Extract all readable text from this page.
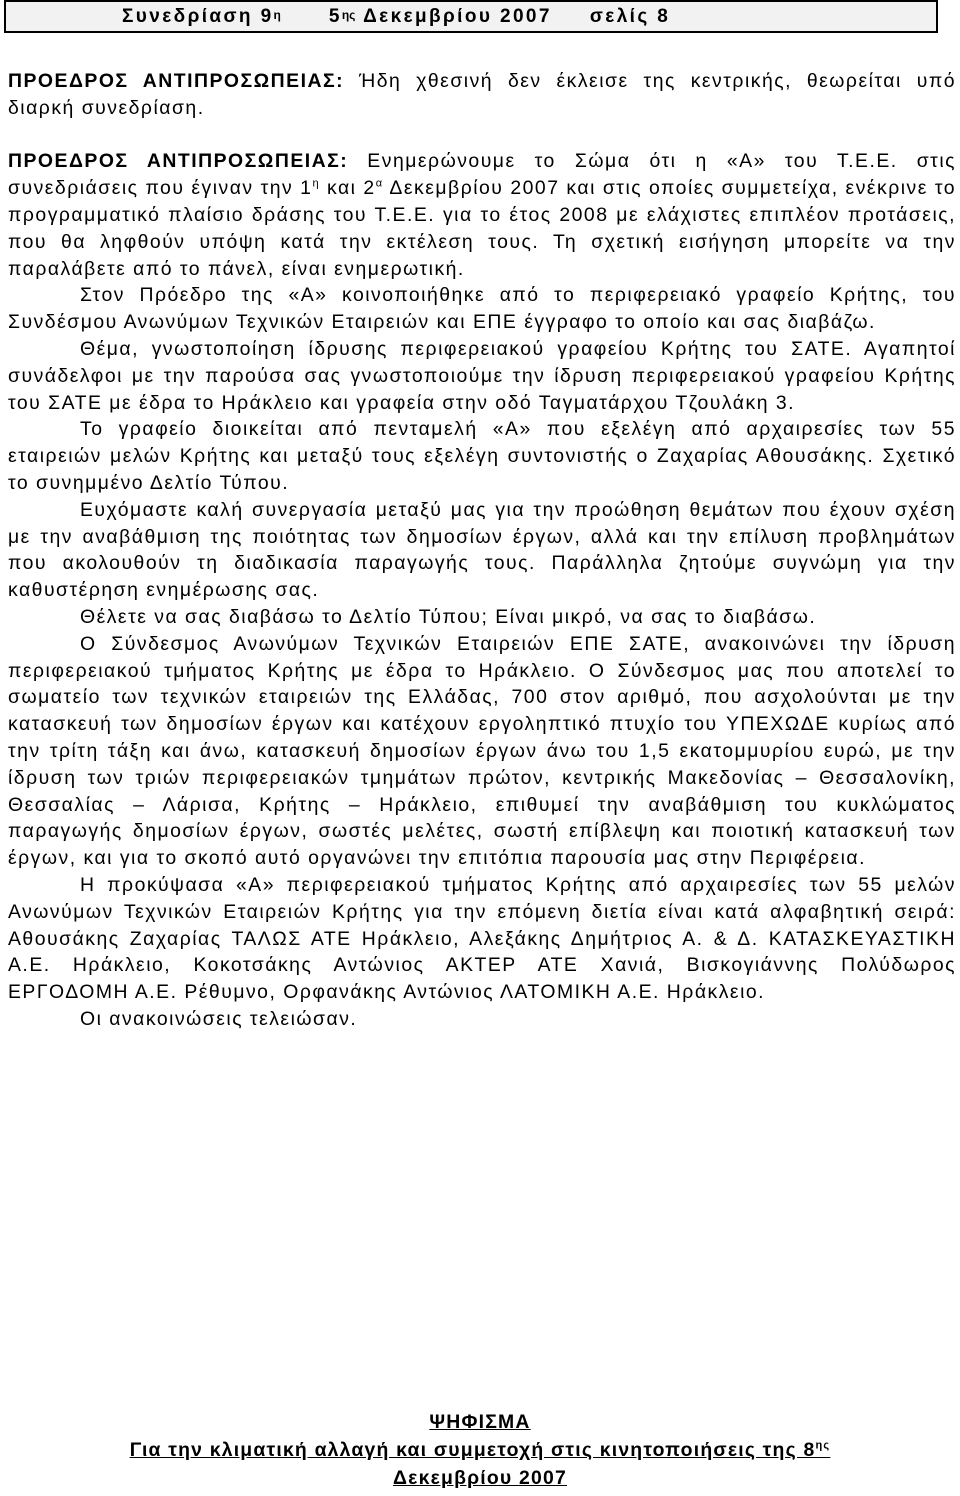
Συνεδρίαση $9^\eta$	$5^{\eta\varsigma}$
Δεκεμβρίου 2007 σελίς 8

ΠΡΟΕΔΡΟΣ ΑΝΤΙΠΡΟΣΩΠΕΙΑΣ: Ήδη χθεσινή δεν έκλεισε της κεντρικής, θεωρείται υπό διαρκή συνεδρίαση.

ΠΡΟΕΔΡΟΣ ΑΝΤΙΠΡΟΣΩΠΕΙΑΣ: Ενημερώνουμε το Σώμα ότι η «Α» του Τ.Ε.Ε. στις συνεδριάσεις που έγιναν την $1^\eta$ και $2^\alpha$ Δεκεμβρίου 2007 και στις οποίες συμμετείχα, ενέκρινε το προγραμματικό πλαίσιο δράσης του Τ.Ε.Ε. για το έτος 2008 με ελάχιστες επιπλέον προτάσεις, που θα ληφθούν υπόψη κατά την εκτέλεση τους. Τη σχετική εισήγηση μπορείτε να την παραλάβετε από το πάνελ, είναι ενημερωτική.

Στον Πρόεδρο της «Α» κοινοποιήθηκε από το περιφερειακό γραφείο Κρήτης, του Συνδέσμου Ανωνύμων Τεχνικών Εταιρειών και ΕΠΕ έγγραφο το οποίο και σας διαβάζω.

Θέμα, γνωστοποίηση ίδρυσης περιφερειακού γραφείου Κρήτης του ΣΑΤΕ. Αγαπητοί συνάδελφοι με την παρούσα σας γνωστοποιούμε την ίδρυση περιφερειακού γραφείου Κρήτης του ΣΑΤΕ με έδρα το Ηράκλειο και γραφεία στην οδό Ταγματάρχου Τζουλάκη 3.

Το γραφείο διοικείται από πενταμελή «Α» που εξελέγη από αρχαιρεσίες των 55 εταιρειών μελών Κρήτης και μεταξύ τους εξελέγη συντονιστής ο Ζαχαρίας Αθουσάκης. Σχετικό το συνημμένο Δελτίο Τύπου.

Ευχόμαστε καλή συνεργασία μεταξύ μας για την προώθηση θεμάτων που έχουν σχέση με την αναβάθμιση της ποιότητας των δημοσίων έργων, αλλά και την επίλυση προβλημάτων που ακολουθούν τη διαδικασία παραγωγής τους. Παράλληλα ζητούμε συγνώμη για την καθυστέρηση ενημέρωσης σας.

Θέλετε να σας διαβάσω το Δελτίο Τύπου; Είναι μικρό, να σας το διαβάσω.

Ο Σύνδεσμος Ανωνύμων Τεχνικών Εταιρειών ΕΠΕ ΣΑΤΕ, ανακοινώνει την ίδρυση περιφερειακού τμήματος Κρήτης με έδρα το Ηράκλειο. Ο Σύνδεσμος μας που αποτελεί το σωματείο των τεχνικών εταιρειών της Ελλάδας, 700 στον αριθμό, που ασχολούνται με την κατασκευή των δημοσίων έργων και κατέχουν εργοληπτικό πτυχίο του ΥΠΕΧΩΔΕ κυρίως από την τρίτη τάξη και άνω, κατασκευή δημοσίων έργων άνω του 1,5 εκατομμυρίου ευρώ, με την ίδρυση των τριών περιφερειακών τμημάτων πρώτον, κεντρικής Μακεδονίας – Θεσσαλονίκη, Θεσσαλίας – Λάρισα, Κρήτης – Ηράκλειο, επιθυμεί την αναβάθμιση του κυκλώματος παραγωγής δημοσίων έργων, σωστές μελέτες, σωστή επίβλεψη και ποιοτική κατασκευή των έργων, και για το σκοπό αυτό οργανώνει την επιτόπια παρουσία μας στην Περιφέρεια.

Η προκύψασα «Α» περιφερειακού τμήματος Κρήτης από αρχαιρεσίες των 55 μελών Ανωνύμων Τεχνικών Εταιρειών Κρήτης για την επόμενη διετία είναι κατά αλφαβητική σειρά: Αθουσάκης Ζαχαρίας ΤΑΛΩΣ ΑΤΕ Ηράκλειο, Αλεξάκης Δημήτριος Α. & Δ. ΚΑΤΑΣΚΕΥΑΣΤΙΚΗ Α.Ε. Ηράκλειο, Κοκοτσάκης Αντώνιος ΑΚΤΕΡ ΑΤΕ Χανιά, Βισκογιάννης Πολύδωρος ΕΡΓΟΔΟΜΗ Α.Ε. Ρέθυμνο, Ορφανάκης Αντώνιος ΛΑΤΟΜΙΚΗ Α.Ε. Ηράκλειο.

Οι ανακοινώσεις τελειώσαν.

ΨΗΦΙΣΜΑ
Για την κλιματική αλλαγή και συμμετοχή στις κινητοποιήσεις της $8^{\eta\varsigma}$
Δεκεμβρίου 2007
